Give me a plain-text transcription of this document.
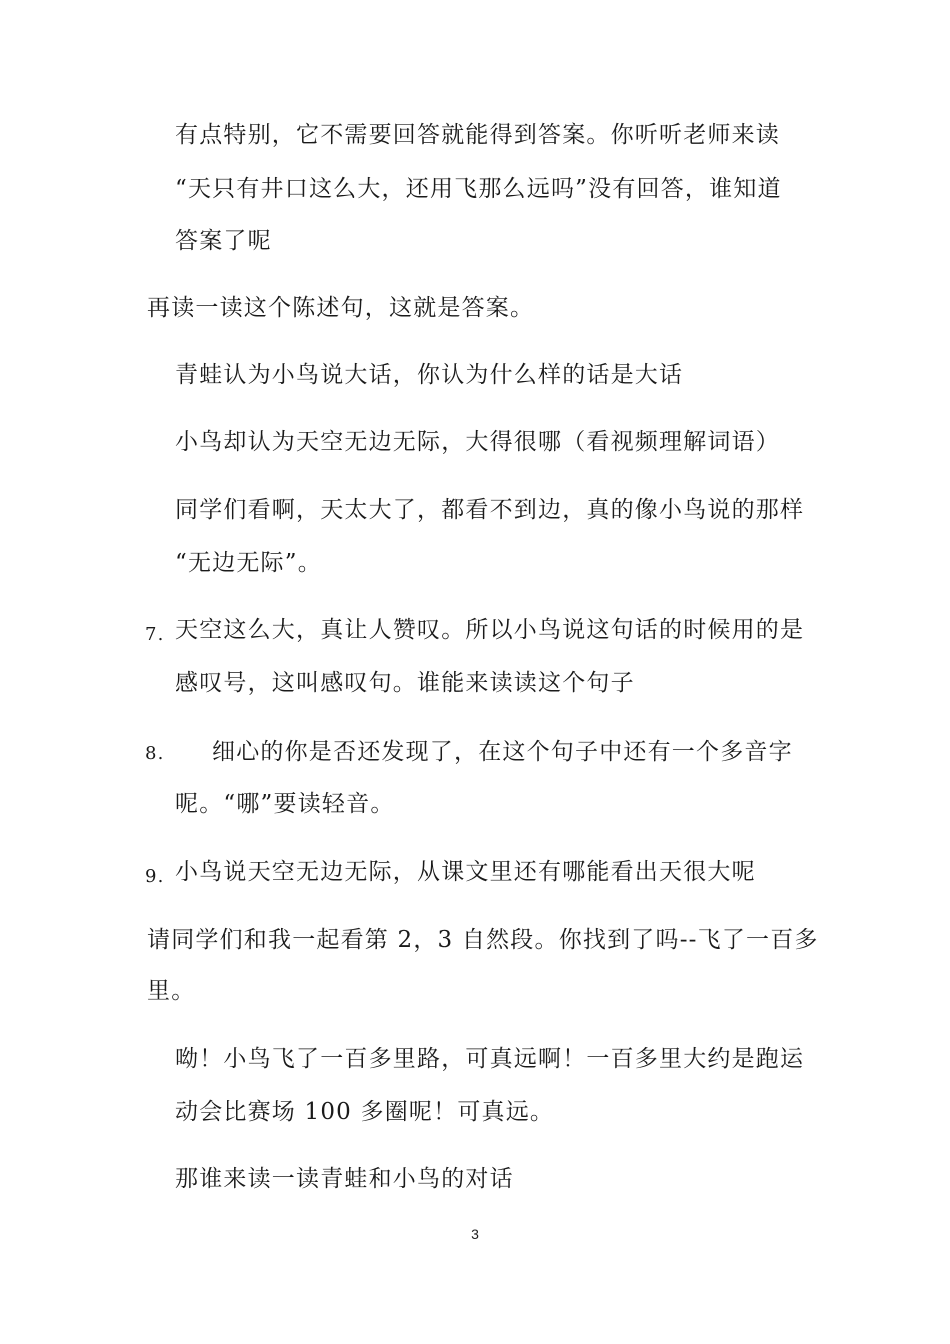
有点特别，它不需要回答就能得到答案。你听听老师来读
“天只有井口这么大，还用飞那么远吗”没有回答，谁知道
答案了呢
再读一读这个陈述句，这就是答案。
青蛙认为小鸟说大话，你认为什么样的话是大话
小鸟却认为天空无边无际，大得很哪（看视频理解词语）
同学们看啊，天太大了，都看不到边，真的像小鸟说的那样
“无边无际”。
7. 天空这么大，真让人赞叹。所以小鸟说这句话的时候用的是
感叹号，这叫感叹句。谁能来读读这个句子
8. 细心的你是否还发现了，在这个句子中还有一个多音字
呢。“哪”要读轻音。
9. 小鸟说天空无边无际，从课文里还有哪能看出天很大呢
请同学们和我一起看第 2，3 自然段。你找到了吗--飞了一百多
里。
呦！小鸟飞了一百多里路，可真远啊！一百多里大约是跑运
动会比赛场 100 多圈呢！可真远。
那谁来读一读青蛙和小鸟的对话
3
